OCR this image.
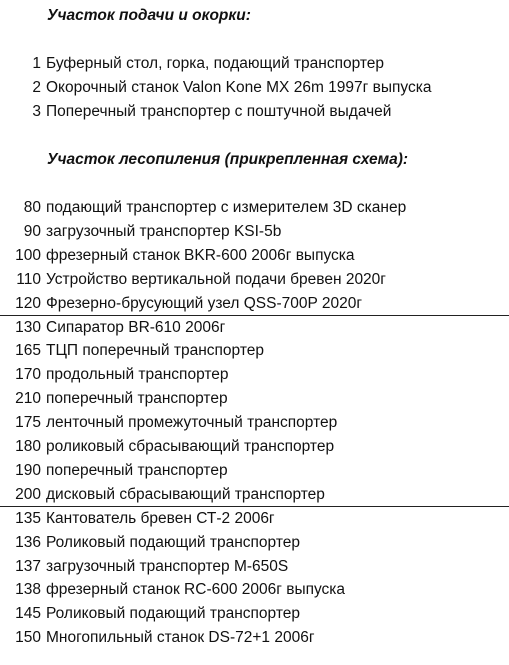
Участок подачи и окорки:
Участок лесопиления (прикрепленная схема):
1 Буферный стол, горка, подающий транспортер
2 Окорочный станок Valon Kone MX 26m 1997г выпуска
3 Поперечный транспортер с поштучной выдачей
80 подающий транспортер с измерителем 3D сканер
90 загрузочный транспортер KSI-5b
100 фрезерный станок BKR-600 2006г выпуска
110 Устройство вертикальной подачи бревен 2020г
120 Фрезерно-брусующий узел QSS-700P 2020г
130 Сипаратор BR-610 2006г
165 ТЦП поперечный транспортер
170 продольный транспортер
210 поперечный транспортер
175 ленточный промежуточный транспортер
180 роликовый сбрасывающий транспортер
190 поперечный транспортер
200 дисковый сбрасывающий транспортер
135 Кантователь бревен СТ-2 2006г
136 Роликовый подающий транспортер
137 загрузочный транспортер М-650S
138 фрезерный станок RC-600 2006г выпуска
145 Роликовый подающий транспортер
150 Многопильный станок DS-72+1 2006г
